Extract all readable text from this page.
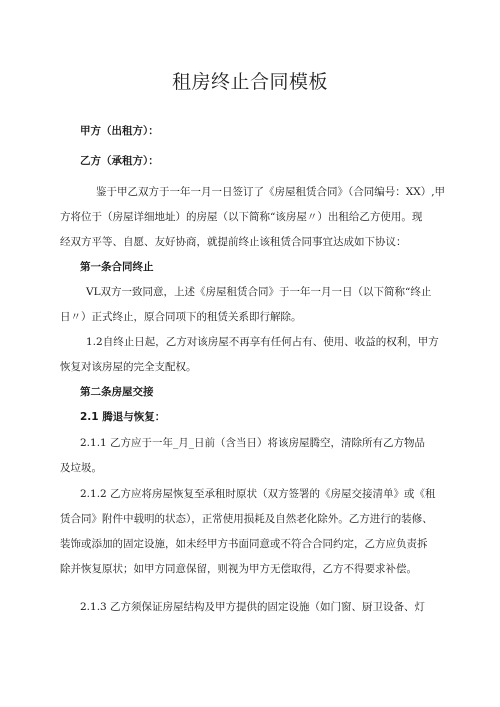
租房终止合同模板
甲方（出租方）：
乙方（承租方）：
鉴于甲乙双方于一年一月一日签订了《房屋租赁合同》（合同编号：XX）,甲
方将位于（房屋详细地址）的房屋（以下简称“该房屋〃）出租给乙方使用。现
经双方平等、自愿、友好协商，就提前终止该租赁合同事宜达成如下协议：
第一条合同终止
VL双方一致同意，上述《房屋租赁合同》于一年一月一日（以下简称“终止
日〃）正式终止，原合同项下的租赁关系即行解除。
1.2自终止日起，乙方对该房屋不再享有任何占有、使用、收益的权利，甲方
恢复对该房屋的完全支配权。
第二条房屋交接
2.1 腾退与恢复：
2.1.1 乙方应于一年_月_日前（含当日）将该房屋腾空，清除所有乙方物品
及垃圾。
2.1.2 乙方应将房屋恢复至承租时原状（双方签署的《房屋交接清单》或《租
赁合同》附件中载明的状态），正常使用损耗及自然老化除外。乙方进行的装修、
装饰或添加的固定设施，如未经甲方书面同意或不符合合同约定，乙方应负责拆
除并恢复原状；如甲方同意保留，则视为甲方无偿取得，乙方不得要求补偿。
2.1.3 乙方须保证房屋结构及甲方提供的固定设施（如门窗、厨卫设备、灯
